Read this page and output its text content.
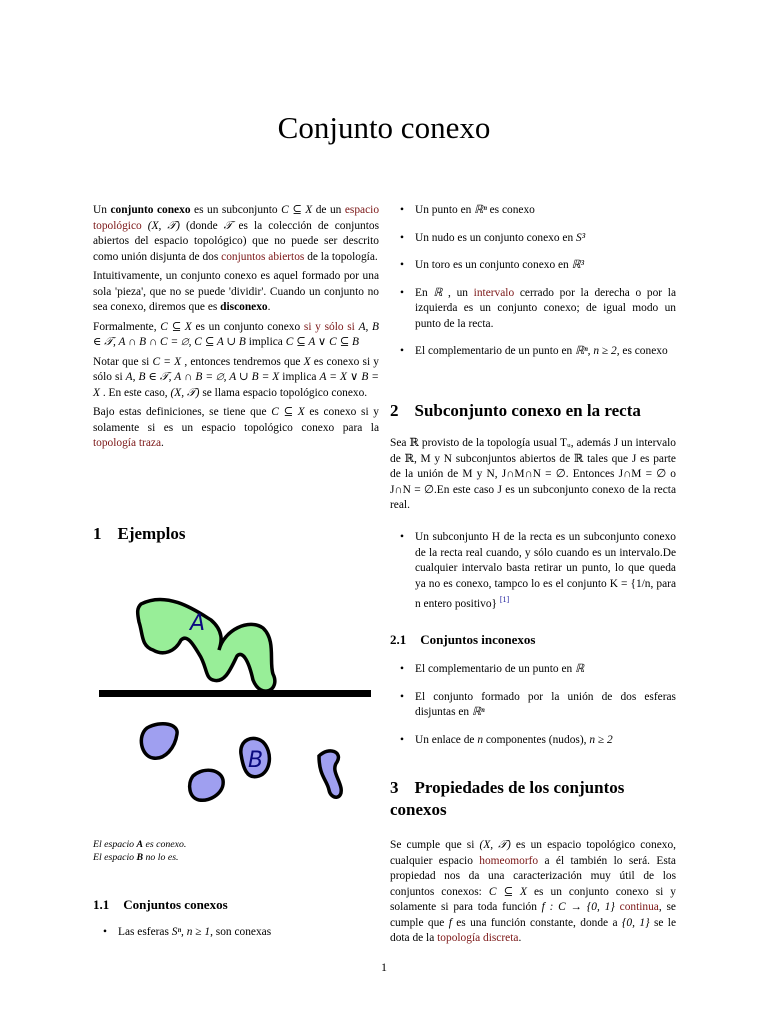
Conjunto conexo

Un conjunto conexo es un subconjunto C ⊆ X de un espacio topológico (X, 𝒯) (donde 𝒯 es la colección de conjuntos abiertos del espacio topológico) que no puede ser descrito como unión disjunta de dos conjuntos abiertos de la topología.

Intuitivamente, un conjunto conexo es aquel formado por una sola 'pieza', que no se puede 'dividir'. Cuando un conjunto no sea conexo, diremos que es disconexo.

Formalmente, C ⊆ X es un conjunto conexo si y sólo si A, B ∈ 𝒯, A ∩ B ∩ C = ∅, C ⊆ A ∪ B implica C ⊆ A ∨ C ⊆ B

Notar que si C = X , entonces tendremos que X es conexo si y sólo si A, B ∈ 𝒯, A ∩ B = ∅, A ∪ B = X implica A = X ∨ B = X . En este caso, (X, 𝒯) se llama espacio topológico conexo.

Bajo estas definiciones, se tiene que C ⊆ X es conexo si y solamente si es un espacio topológico conexo para la topología traza.

1 Ejemplos
A
B
El espacio A es conexo.
El espacio B no lo es.
1.1 Conjuntos conexos
• Las esferas Sⁿ, n ≥ 1, son conexas
• Un punto en ℝⁿ es conexo
• Un nudo es un conjunto conexo en S³
• Un toro es un conjunto conexo en ℝ³
• En ℝ , un intervalo cerrado por la derecha o por la izquierda es un conjunto conexo; de igual modo un punto de la recta.
• El complementario de un punto en ℝⁿ, n ≥ 2, es conexo
2 Subconjunto conexo en la recta

Sea ℝ provisto de la topología usual Tᵤ, además J un intervalo de ℝ, M y N subconjuntos abiertos de ℝ tales que J es parte de la unión de M y N, J∩M∩N = ∅. Entonces J∩M = ∅ o J∩N = ∅.En este caso J es un subconjunto conexo de la recta real.

• Un subconjunto H de la recta es un subconjunto conexo de la recta real cuando, y sólo cuando es un intervalo.De cualquier intervalo basta retirar un punto, lo que queda ya no es conexo, tampco lo es el conjunto K = {1/n, para n entero positivo} [1]
2.1 Conjuntos inconexos
• El complementario de un punto en ℝ
• El conjunto formado por la unión de dos esferas disjuntas en ℝⁿ
• Un enlace de n componentes (nudos), n ≥ 2
3 Propiedades de los conjuntos conexos

Se cumple que si (X, 𝒯) es un espacio topológico conexo, cualquier espacio homeomorfo a él también lo será. Esta propiedad nos da una caracterización muy útil de los conjuntos conexos: C ⊆ X es un conjunto conexo si y solamente si para toda función f : C → {0, 1} continua, se cumple que f es una función constante, donde a {0, 1} se le dota de la topología discreta.

1
